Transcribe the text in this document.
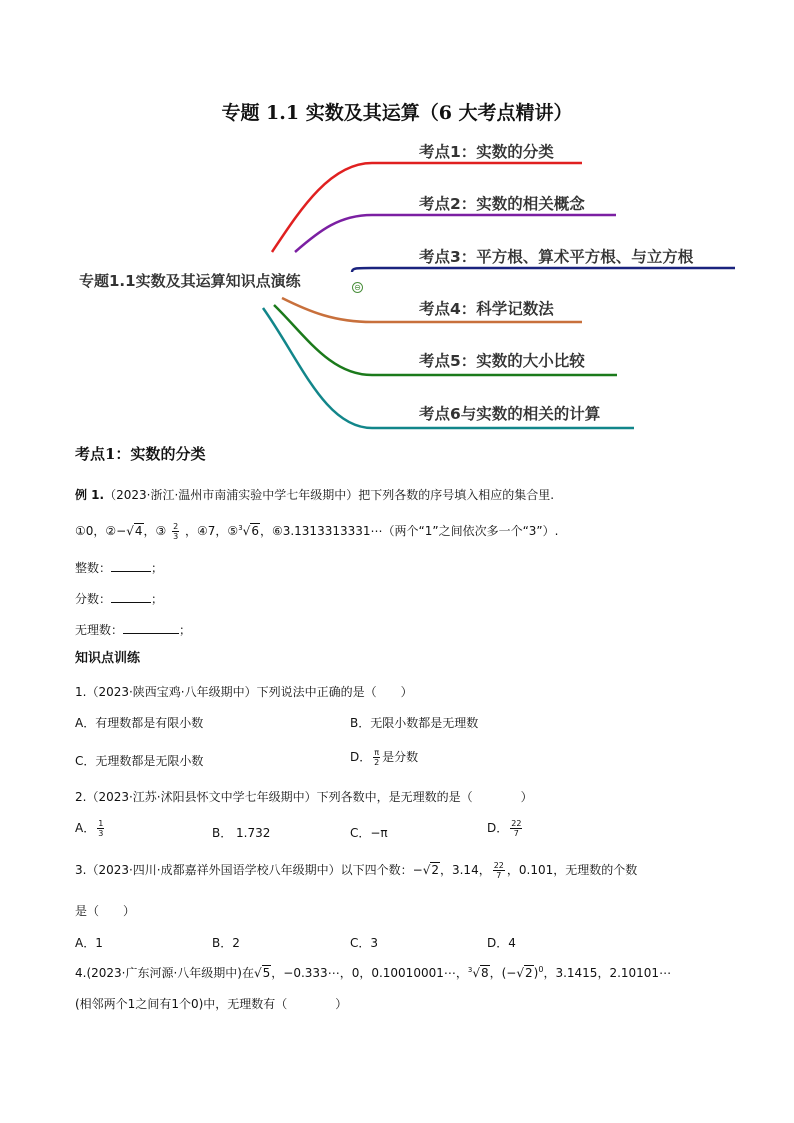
专题 1.1 实数及其运算（6 大考点精讲）
专题1.1实数及其运算知识点演练	⊖
考点1：实数的分类
考点2：实数的相关概念
考点3：平方根、算术平方根、与立方根
考点4：科学记数法
考点5：实数的大小比较
考点6与实数的相关的计算
考点1：实数的分类
例 1.（2023·浙江·温州市南浦实验中学七年级期中）把下列各数的序号填入相应的集合里.
①0，②−√4，③ $\frac{2}{3}$ ，④7，⑤$^3$√6，⑥3.1313313331⋯（两个“1”之间依次多一个“3”）.
整数：	；
分数：	；
无理数：	；
知识点训练
1.（2023·陕西宝鸡·八年级期中）下列说法中正确的是（　　）
A．有理数都是有限小数	B．无限小数都是无理数
C．无理数都是无限小数	D． $\frac{\pi}{2}$ 是分数
2.（2023·江苏·沭阳县怀文中学七年级期中）下列各数中，是无理数的是（　　　　）
A． $\frac{1}{3}$	B． 1.732	C．−π	D． $\frac{22}{7}$
3.（2023·四川·成都嘉祥外国语学校八年级期中）以下四个数：−√2，3.14， $\frac{22}{7}$ ，0.101，无理数的个数
是（　　）
A．1	B．2	C．3	D．4
4.(2023·广东河源·八年级期中)在√5，−0.333⋯，0，0.10010001⋯，$^3$√8，$(-√2)^0$，3.1415，2.10101⋯
(相邻两个1之间有1个0)中，无理数有（　　　　）
